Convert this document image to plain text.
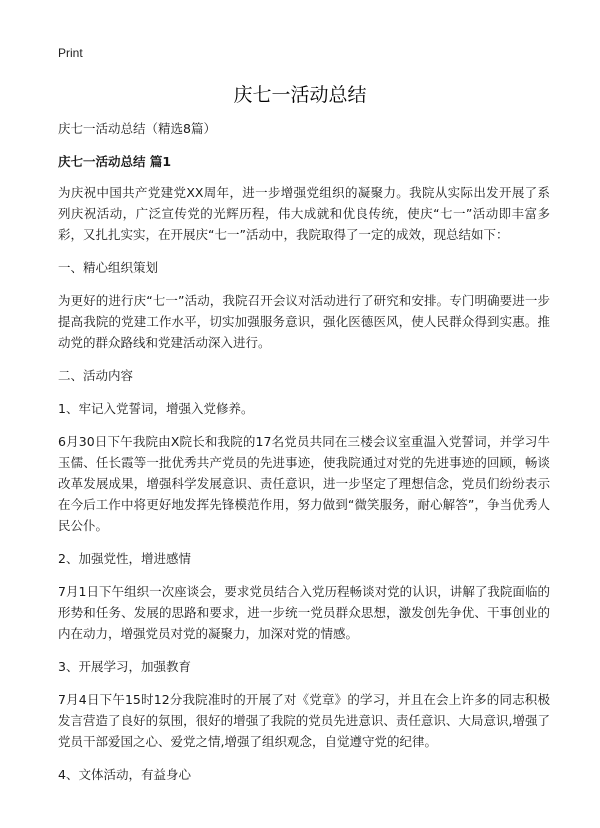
Print
庆七一活动总结

庆七一活动总结（精选8篇）

庆七一活动总结 篇1

为庆祝中国共产党建党XX周年，进一步增强党组织的凝聚力。我院从实际出发开展了系列庆祝活动，广泛宣传党的光辉历程，伟大成就和优良传统，使庆“七一”活动即丰富多彩，又扎扎实实，在开展庆“七一”活动中，我院取得了一定的成效，现总结如下：

一、精心组织策划

为更好的进行庆“七一”活动，我院召开会议对活动进行了研究和安排。专门明确要进一步提高我院的党建工作水平，切实加强服务意识，强化医德医风，使人民群众得到实惠。推动党的群众路线和党建活动深入进行。

二、活动内容

1、牢记入党誓词，增强入党修养。

6月30日下午我院由X院长和我院的17名党员共同在三楼会议室重温入党誓词，并学习牛玉儒、任长霞等一批优秀共产党员的先进事迹，使我院通过对党的先进事迹的回顾，畅谈改革发展成果，增强科学发展意识、责任意识，进一步坚定了理想信念，党员们纷纷表示在今后工作中将更好地发挥先锋模范作用，努力做到“微笑服务，耐心解答”，争当优秀人民公仆。

2、加强党性，增进感情

7月1日下午组织一次座谈会，要求党员结合入党历程畅谈对党的认识，讲解了我院面临的形势和任务、发展的思路和要求，进一步统一党员群众思想，激发创先争优、干事创业的内在动力，增强党员对党的凝聚力，加深对党的情感。

3、开展学习，加强教育

7月4日下午15时12分我院准时的开展了对《党章》的学习，并且在会上许多的同志积极发言营造了良好的氛围，很好的增强了我院的党员先进意识、责任意识、大局意识,增强了党员干部爱国之心、爱党之情,增强了组织观念，自觉遵守党的纪律。

4、文体活动，有益身心
